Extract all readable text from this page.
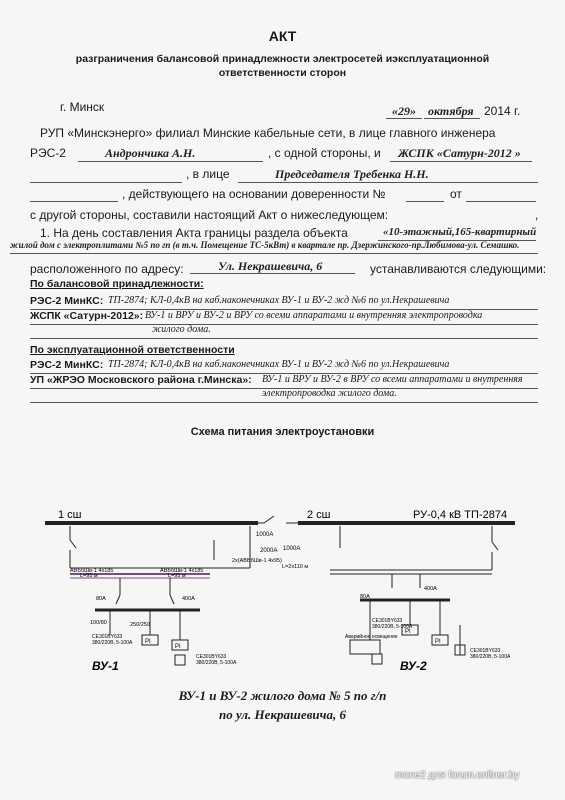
АКТ
разграничения балансовой принадлежности электросетей иэксплуатационной
ответственности сторон
г. Минск	«29» октября 2014 г.
РУП «Минскэнерго» филиал Минские кабельные сети, в лице главного инженера
РЭС-2	Андрончика А.Н.	, с одной стороны, и ЖСПК «Сатурн-2012 »
, в лице	Председателя Требенка Н.Н.
, действующего на основании доверенности №	от
с другой стороны, составили настоящий Акт о нижеследующем:	,
1. На день составления Акта границы раздела объекта	«10-этажный,165-квартирный
жилой дом с электроплитами №5 по гп (в т.ч. Помещение ТС-5кВт) в квартале пр. Дзержинского-пр.Любимова-ул. Семашко.
расположенного по адресу:	Ул. Некрашевича, 6	устанавливаются следующими:
По балансовой принадлежности:
РЭС-2 МинКС: ТП-2874; КЛ-0,4кВ на каб.наконечниках ВУ-1 и ВУ-2 жд №6 по ул.Некрашевича
ЖСПК «Сатурн-2012»: ВУ-1 и ВРУ и ВУ-2 и ВРУ со всеми аппаратами и внутренняя электропроводка
жилого дома.
По эксплуатационной ответственности
РЭС-2 МинКС: ТП-2874; КЛ-0,4кВ на каб.наконечниках ВУ-1 и ВУ-2 жд №6 по ул.Некрашевича
УП «ЖРЭО Московского района г.Минска»: ВУ-1 и ВРУ и ВУ-2 в ВРУ со всеми аппаратами и внутренняя
электропроводка жилого дома.
Схема питания электроустановки
1 сш	2 сш	РУ-0,4 кВ ТП-2874
1000А
1000А
2000А
АВБбШв-1 4х185
L=95 м
АВБбШв-1 4х185
L=95 м
2х(АВБбШв-1 4х95)
L=2х110 м
80А	400А	80А
400А
100/80	250/250
СЕ301BY633
380/220В, 5-100А
СЕ301BY633
380/220В, 5-100А
СЕ301BY633
380/220В, 5-100А
СЕ301BY633
380/220В, 5-100А
Аварийное освещение
PI
PI
PI
PI
ВУ-1	ВУ-2
ВУ-1 и ВУ-2 жилого дома № 5 по г/п
по ул. Некрашевича, 6
mone2 для forum.onliner.by
